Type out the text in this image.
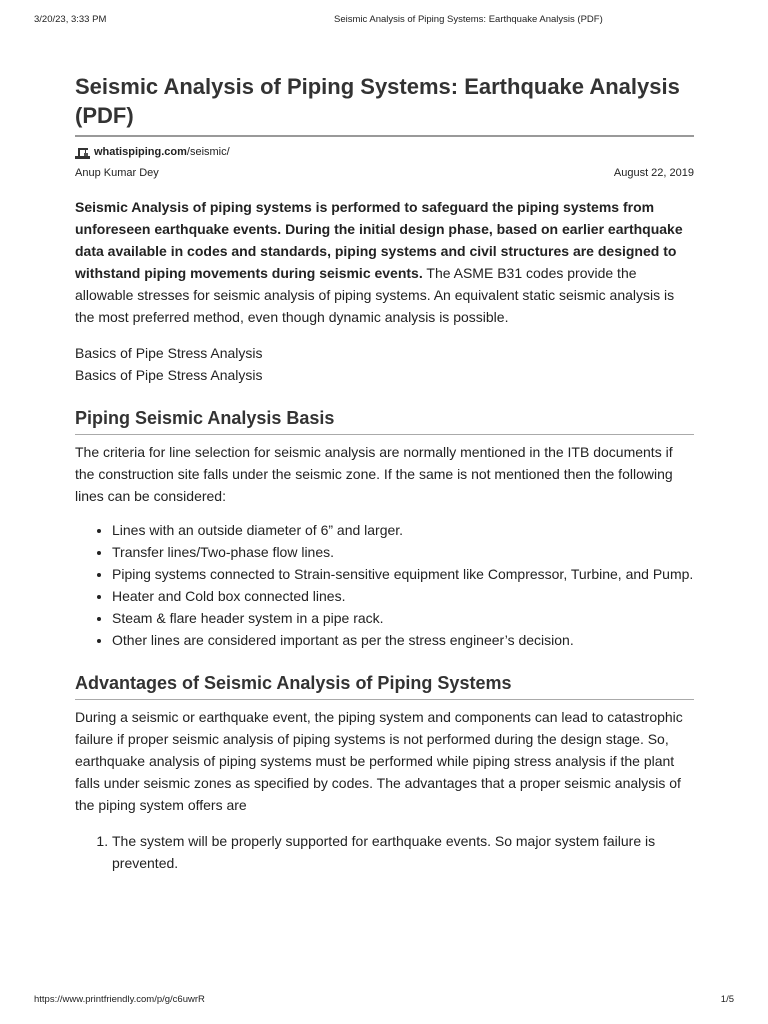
3/20/23, 3:33 PM	Seismic Analysis of Piping Systems: Earthquake Analysis (PDF)
Seismic Analysis of Piping Systems: Earthquake Analysis (PDF)
whatispiping.com/seismic/
Anup Kumar Dey	August 22, 2019

Seismic Analysis of piping systems is performed to safeguard the piping systems from unforeseen earthquake events. During the initial design phase, based on earlier earthquake data available in codes and standards, piping systems and civil structures are designed to withstand piping movements during seismic events. The ASME B31 codes provide the allowable stresses for seismic analysis of piping systems. An equivalent static seismic analysis is the most preferred method, even though dynamic analysis is possible.

Basics of Pipe Stress Analysis
Basics of Pipe Stress Analysis
Piping Seismic Analysis Basis

The criteria for line selection for seismic analysis are normally mentioned in the ITB documents if the construction site falls under the seismic zone. If the same is not mentioned then the following lines can be considered:

• Lines with an outside diameter of 6” and larger.
• Transfer lines/Two-phase flow lines.
• Piping systems connected to Strain-sensitive equipment like Compressor, Turbine, and Pump.
• Heater and Cold box connected lines.
• Steam & flare header system in a pipe rack.
• Other lines are considered important as per the stress engineer’s decision.
Advantages of Seismic Analysis of Piping Systems

During a seismic or earthquake event, the piping system and components can lead to catastrophic failure if proper seismic analysis of piping systems is not performed during the design stage. So, earthquake analysis of piping systems must be performed while piping stress analysis if the plant falls under seismic zones as specified by codes. The advantages that a proper seismic analysis of the piping system offers are

1. The system will be properly supported for earthquake events. So major system failure is prevented.
https://www.printfriendly.com/p/g/c6uwrR	1/5
